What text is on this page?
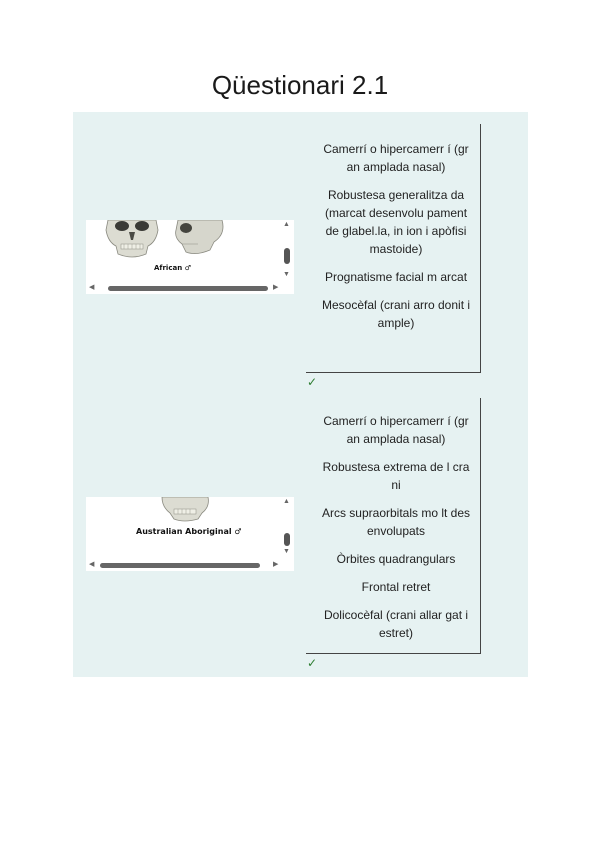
Qüestionari 2.1
African ♂
▲
▼
◀	▶
Camerrí o hipercamerr í (gran amplada nasal)
Robustesa generalitza da (marcat desenvolu pament de glabel.la, in ion i apòfisi mastoide)
Prognatisme facial m arcat
Mesocèfal (crani arro donit i ample)
✓
Australian Aboriginal ♂
▲
▼
◀	▶
Camerrí o hipercamerr í (gran amplada nasal)
Robustesa extrema de l crani
Arcs supraorbitals mo lt desenvolupats
Òrbites quadrangulars
Frontal retret
Dolicocèfal (crani allar gat i estret)
✓
